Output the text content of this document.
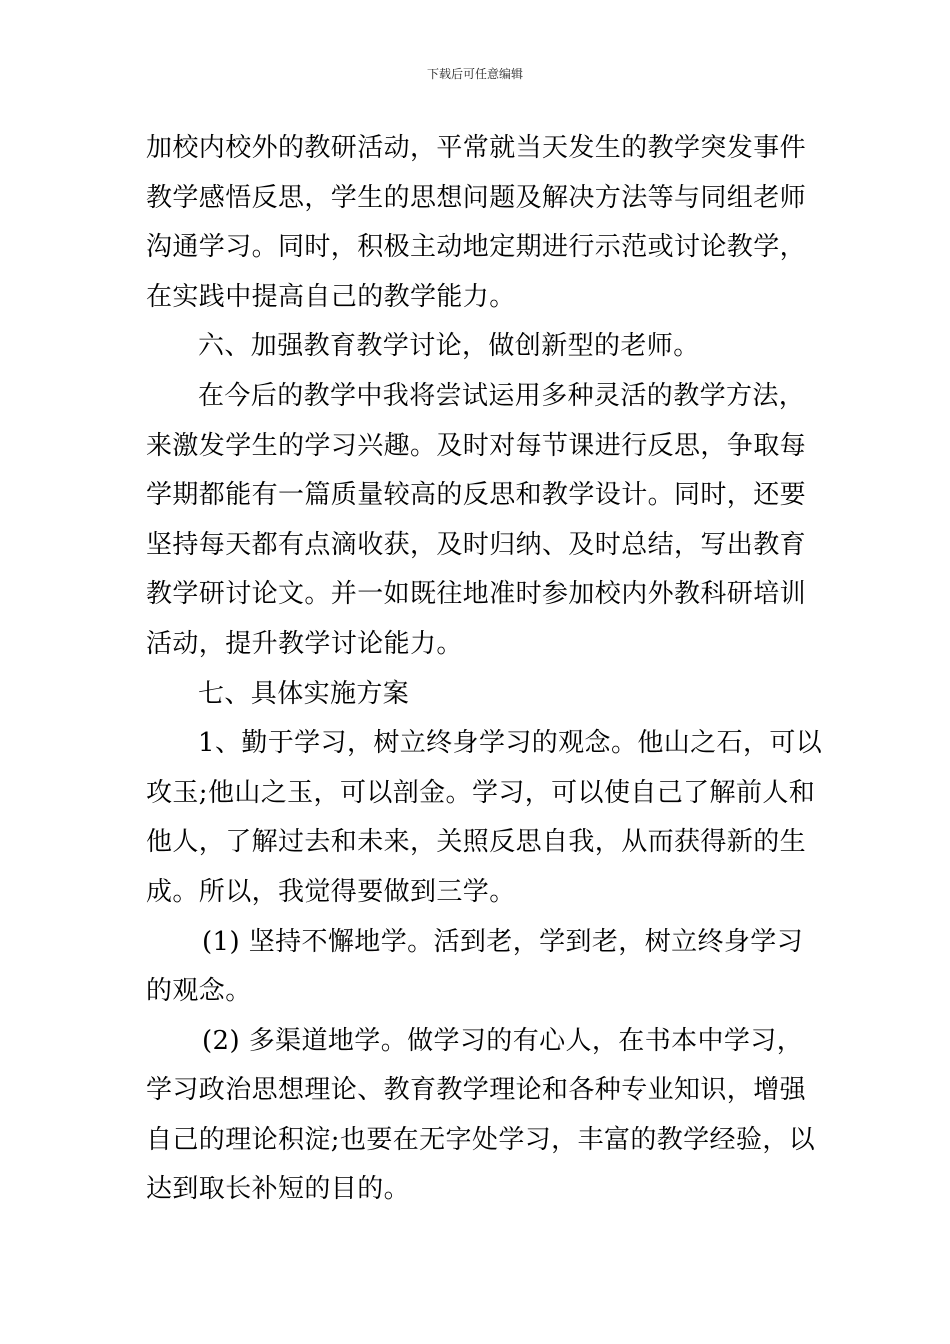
下载后可任意编辑
加校内校外的教研活动，平常就当天发生的教学突发事件
教学感悟反思，学生的思想问题及解决方法等与同组老师
沟通学习。同时，积极主动地定期进行示范或讨论教学，
在实践中提高自己的教学能力。
六、加强教育教学讨论，做创新型的老师。
在今后的教学中我将尝试运用多种灵活的教学方法，
来激发学生的学习兴趣。及时对每节课进行反思，争取每
学期都能有一篇质量较高的反思和教学设计。同时，还要
坚持每天都有点滴收获，及时归纳、及时总结，写出教育
教学研讨论文。并一如既往地准时参加校内外教科研培训
活动，提升教学讨论能力。
七、具体实施方案
1、勤于学习，树立终身学习的观念。他山之石，可以
攻玉;他山之玉，可以剖金。学习，可以使自己了解前人和
他人，了解过去和未来，关照反思自我，从而获得新的生
成。所以，我觉得要做到三学。
(1) 坚持不懈地学。活到老，学到老，树立终身学习
的观念。
(2) 多渠道地学。做学习的有心人，在书本中学习，
学习政治思想理论、教育教学理论和各种专业知识，增强
自己的理论积淀;也要在无字处学习，丰富的教学经验，以
达到取长补短的目的。
